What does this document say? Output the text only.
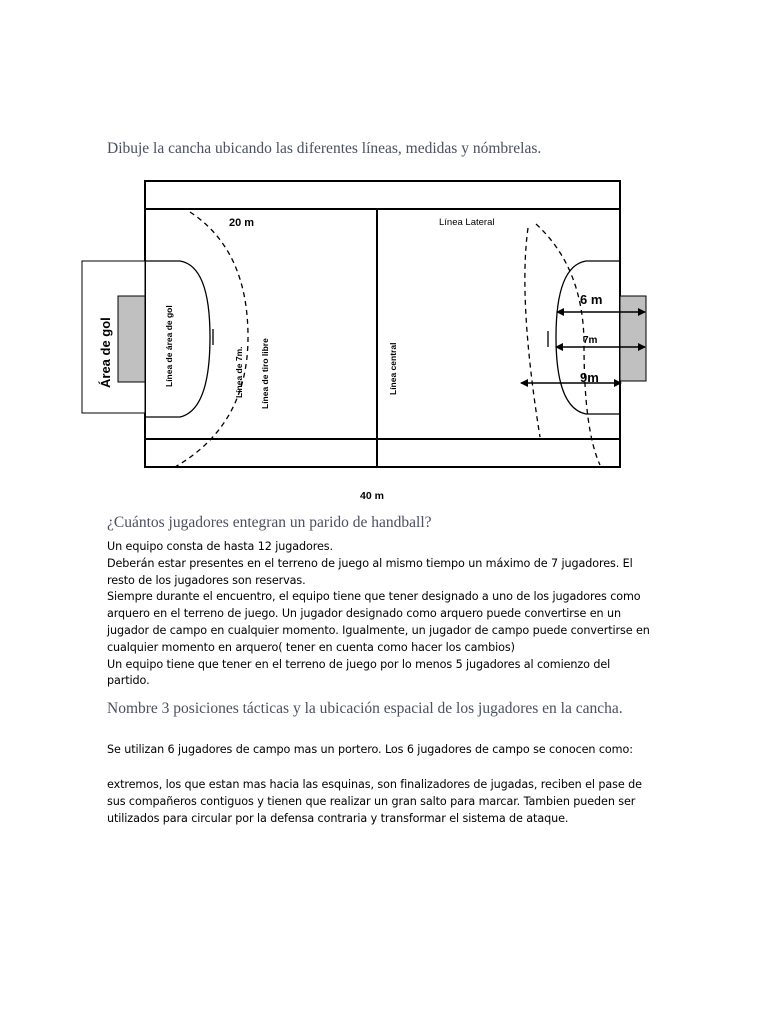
Dibuje la cancha ubicando las diferentes líneas, medidas y nómbrelas.
20 m	Línea Lateral
40 m
Área de gol	Línea de área de gol	Línea de 7m. Línea de tiro libre	Línea central
6 m
7m
9m
¿Cuántos jugadores entegran un parido de handball?
Un equipo consta de hasta 12 jugadores.
Deberán estar presentes en el terreno de juego al mismo tiempo un máximo de 7 jugadores. El resto de los jugadores son reservas.
Siempre durante el encuentro, el equipo tiene que tener designado a uno de los jugadores como arquero en el terreno de juego. Un jugador designado como arquero puede convertirse en un jugador de campo en cualquier momento. Igualmente, un jugador de campo puede convertirse en cualquier momento en arquero( tener en cuenta como hacer los cambios)
Un equipo tiene que tener en el terreno de juego por lo menos 5 jugadores al comienzo del partido.
Nombre 3 posiciones tácticas y la ubicación espacial de los jugadores en la cancha.

Se utilizan 6 jugadores de campo mas un portero. Los 6 jugadores de campo se conocen como:

extremos, los que estan mas hacia las esquinas, son finalizadores de jugadas, reciben el pase de sus compañeros contiguos y tienen que realizar un gran salto para marcar. Tambien pueden ser utilizados para circular por la defensa contraria y transformar el sistema de ataque.
